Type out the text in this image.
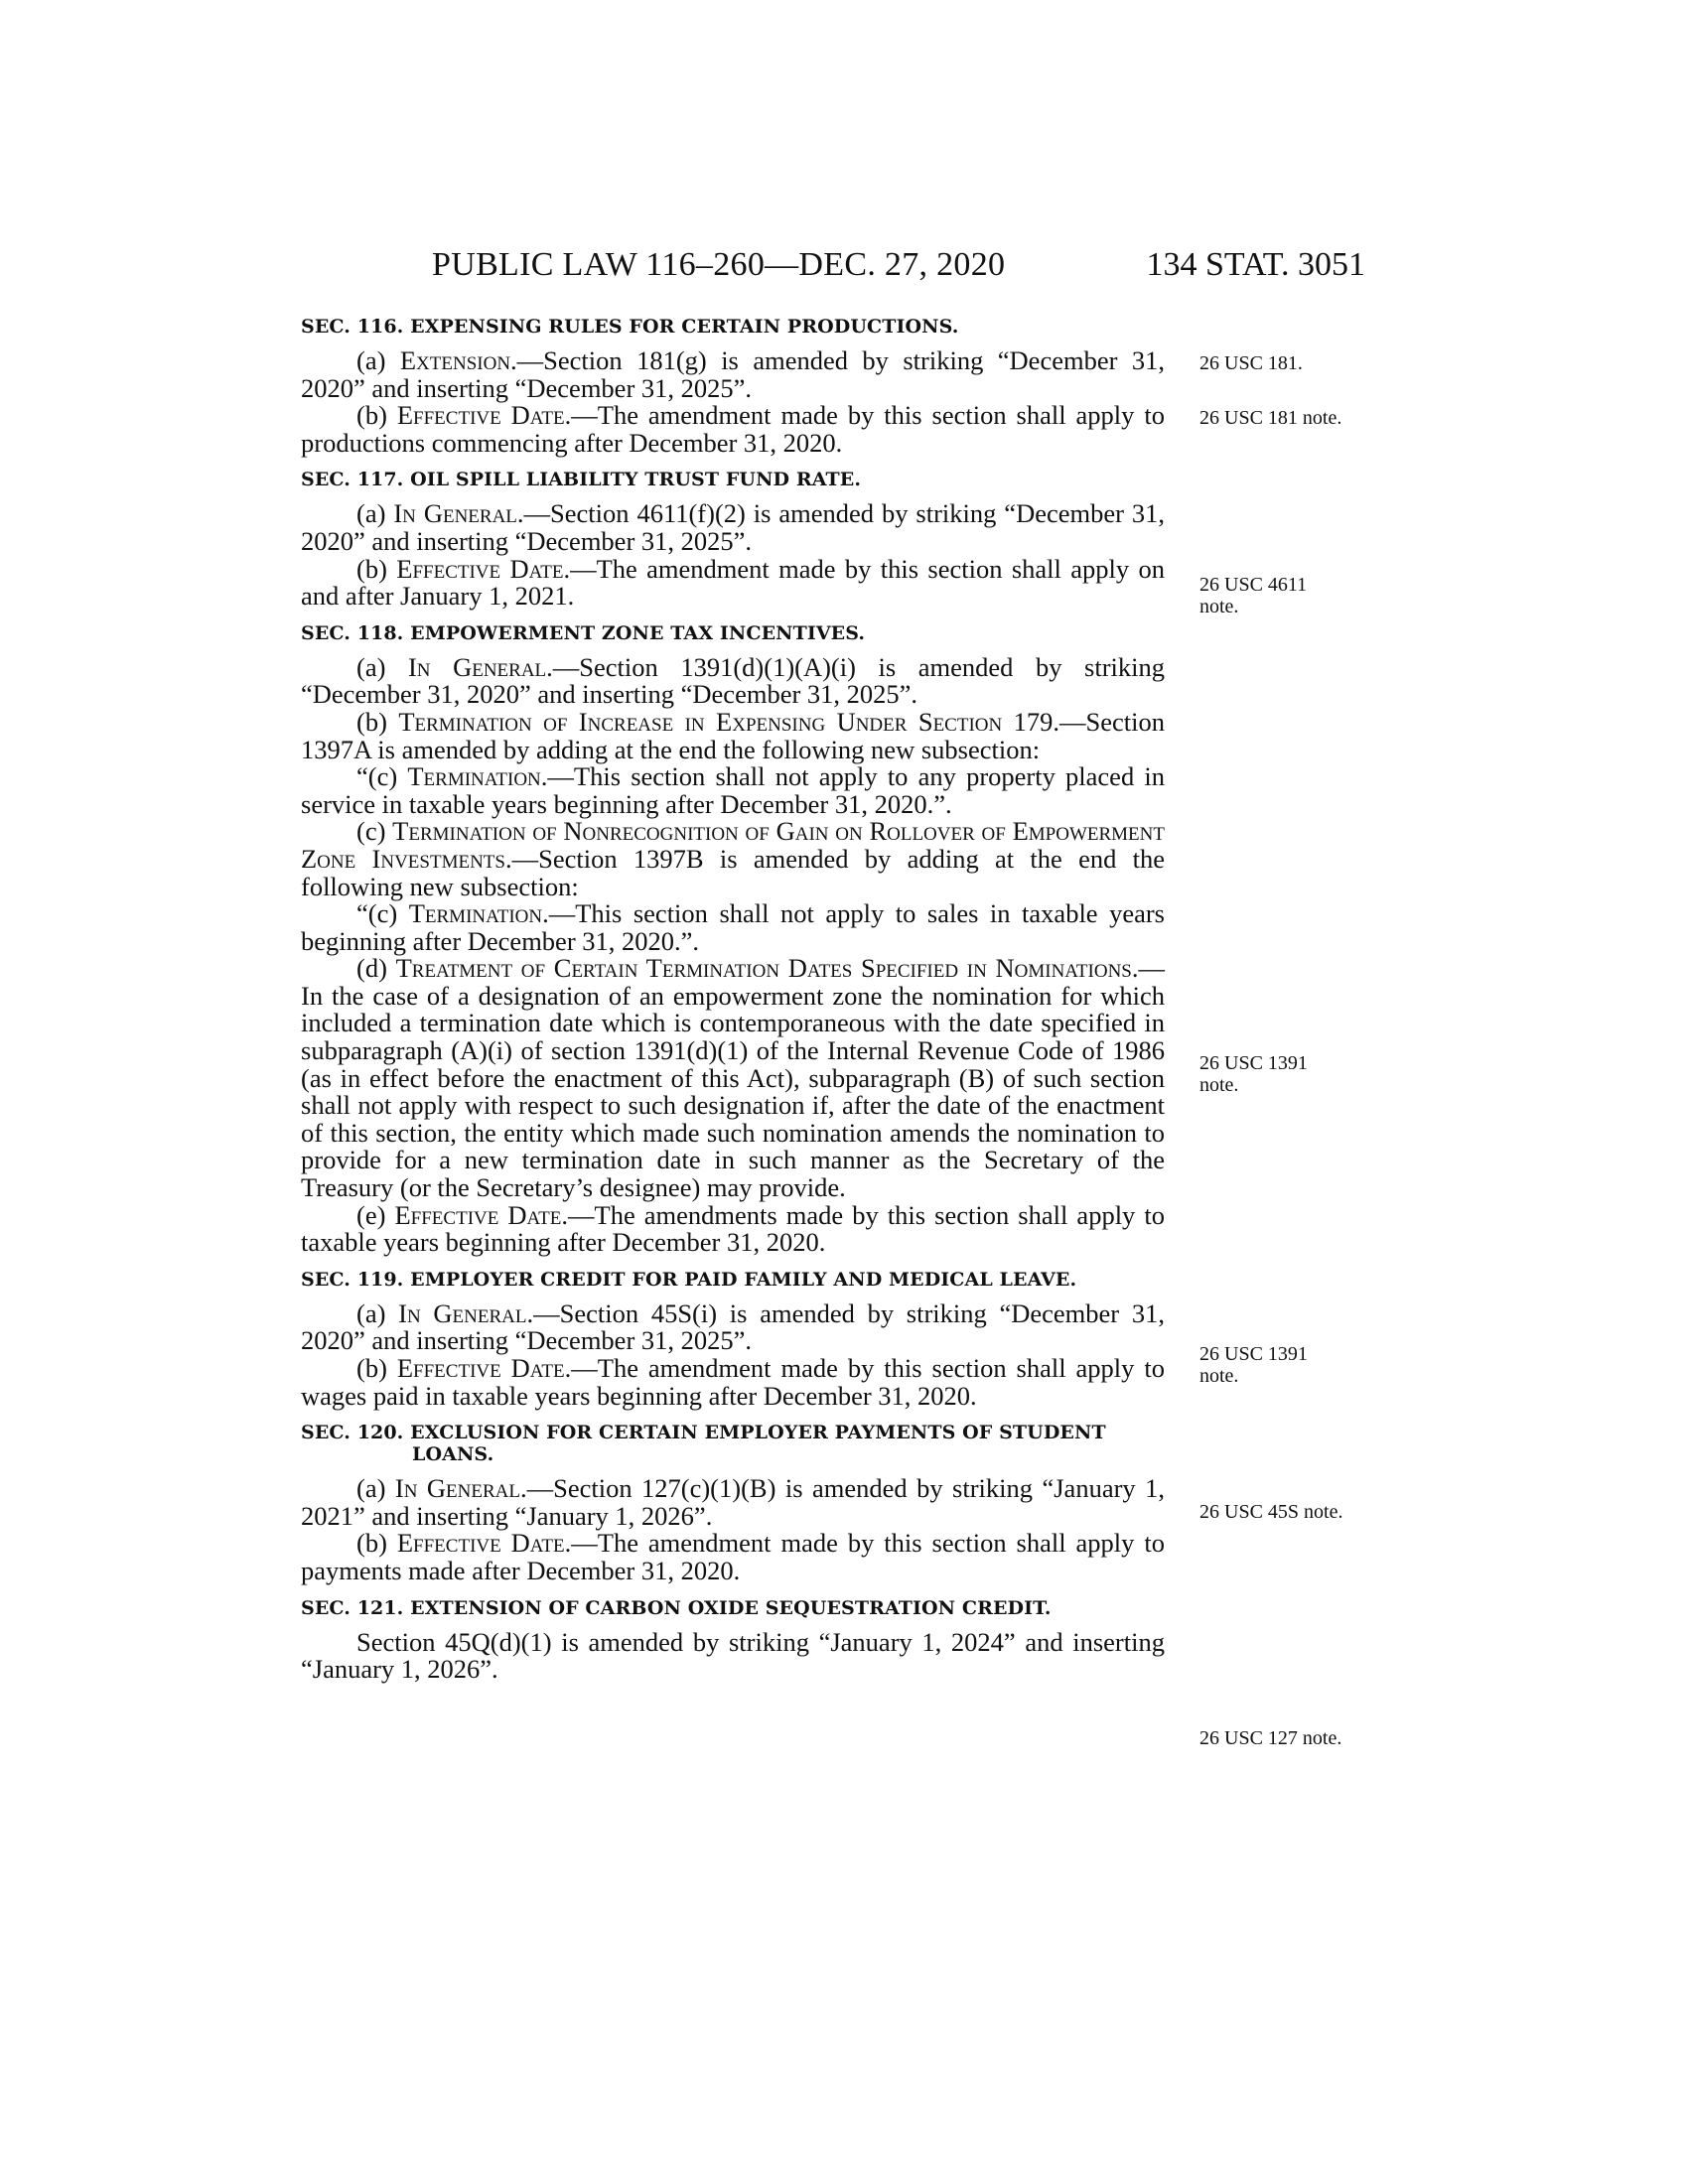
PUBLIC LAW 116–260—DEC. 27, 2020	134 STAT. 3051
SEC. 116. EXPENSING RULES FOR CERTAIN PRODUCTIONS.

(a) Extension.—Section 181(g) is amended by striking “December 31, 2020” and inserting “December 31, 2025”.

(b) Effective Date.—The amendment made by this section shall apply to productions commencing after December 31, 2020.

SEC. 117. OIL SPILL LIABILITY TRUST FUND RATE.

(a) In General.—Section 4611(f)(2) is amended by striking “December 31, 2020” and inserting “December 31, 2025”.

(b) Effective Date.—The amendment made by this section shall apply on and after January 1, 2021.

SEC. 118. EMPOWERMENT ZONE TAX INCENTIVES.

(a) In General.—Section 1391(d)(1)(A)(i) is amended by striking “December 31, 2020” and inserting “December 31, 2025”.

(b) Termination of Increase in Expensing Under Section 179.—Section 1397A is amended by adding at the end the following new subsection:

“(c) Termination.—This section shall not apply to any property placed in service in taxable years beginning after December 31, 2020.”.

(c) Termination of Nonrecognition of Gain on Rollover of Empowerment Zone Investments.—Section 1397B is amended by adding at the end the following new subsection:

“(c) Termination.—This section shall not apply to sales in taxable years beginning after December 31, 2020.”.

(d) Treatment of Certain Termination Dates Specified in Nominations.—In the case of a designation of an empowerment zone the nomination for which included a termination date which is contemporaneous with the date specified in subparagraph (A)(i) of section 1391(d)(1) of the Internal Revenue Code of 1986 (as in effect before the enactment of this Act), subparagraph (B) of such section shall not apply with respect to such designation if, after the date of the enactment of this section, the entity which made such nomination amends the nomination to provide for a new termination date in such manner as the Secretary of the Treasury (or the Secretary’s designee) may provide.

(e) Effective Date.—The amendments made by this section shall apply to taxable years beginning after December 31, 2020.

SEC. 119. EMPLOYER CREDIT FOR PAID FAMILY AND MEDICAL LEAVE.

(a) In General.—Section 45S(i) is amended by striking “December 31, 2020” and inserting “December 31, 2025”.

(b) Effective Date.—The amendment made by this section shall apply to wages paid in taxable years beginning after December 31, 2020.

SEC. 120. EXCLUSION FOR CERTAIN EMPLOYER PAYMENTS OF STUDENT LOANS.

(a) In General.—Section 127(c)(1)(B) is amended by striking “January 1, 2021” and inserting “January 1, 2026”.

(b) Effective Date.—The amendment made by this section shall apply to payments made after December 31, 2020.

SEC. 121. EXTENSION OF CARBON OXIDE SEQUESTRATION CREDIT.

Section 45Q(d)(1) is amended by striking “January 1, 2024” and inserting “January 1, 2026”.

26 USC 181.
26 USC 181 note.
26 USC 4611 note.
26 USC 1391 note.
26 USC 1391 note.
26 USC 45S note.
26 USC 127 note.
